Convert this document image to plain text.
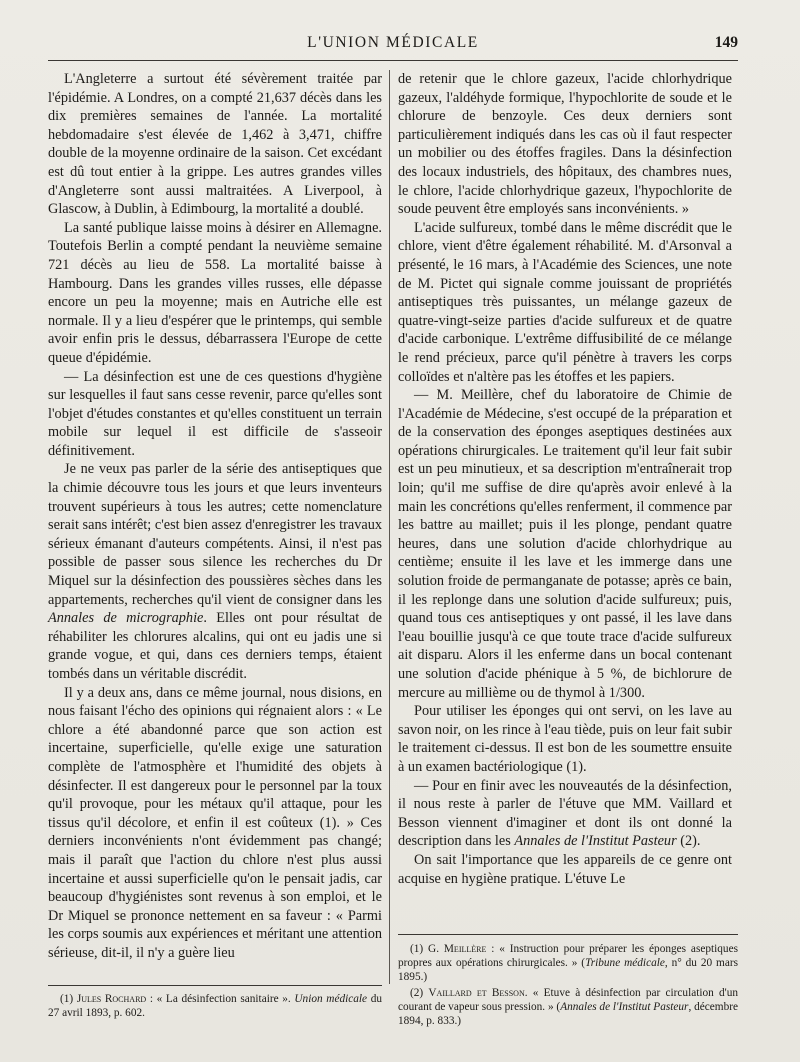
L'UNION MÉDICALE	149

L'Angleterre a surtout été sévèrement traitée par l'épidémie. A Londres, on a compté 21,637 décès dans les dix premières semaines de l'année. La mortalité hebdomadaire s'est élevée de 1,462 à 3,471, chiffre double de la moyenne ordinaire de la saison. Cet excédant est dû tout entier à la grippe. Les autres grandes villes d'Angleterre sont aussi maltraitées. A Liverpool, à Glascow, à Dublin, à Edimbourg, la mortalité a doublé.

La santé publique laisse moins à désirer en Allemagne. Toutefois Berlin a compté pendant la neuvième semaine 721 décès au lieu de 558. La mortalité baisse à Hambourg. Dans les grandes villes russes, elle dépasse encore un peu la moyenne; mais en Autriche elle est normale. Il y a lieu d'espérer que le printemps, qui semble avoir enfin pris le dessus, débarrassera l'Europe de cette queue d'épidémie.

— La désinfection est une de ces questions d'hygiène sur lesquelles il faut sans cesse revenir, parce qu'elles sont l'objet d'études constantes et qu'elles constituent un terrain mobile sur lequel il est difficile de s'asseoir définitivement.

Je ne veux pas parler de la série des antiseptiques que la chimie découvre tous les jours et que leurs inventeurs trouvent supérieurs à tous les autres; cette nomenclature serait sans intérêt; c'est bien assez d'enregistrer les travaux sérieux émanant d'auteurs compétents. Ainsi, il n'est pas possible de passer sous silence les recherches du Dr Miquel sur la désinfection des poussières sèches dans les appartements, recherches qu'il vient de consigner dans les Annales de micrographie. Elles ont pour résultat de réhabiliter les chlorures alcalins, qui ont eu jadis une si grande vogue, et qui, dans ces derniers temps, étaient tombés dans un véritable discrédit.

Il y a deux ans, dans ce même journal, nous disions, en nous faisant l'écho des opinions qui régnaient alors : « Le chlore a été abandonné parce que son action est incertaine, superficielle, qu'elle exige une saturation complète de l'atmosphère et l'humidité des objets à désinfecter. Il est dangereux pour le personnel par la toux qu'il provoque, pour les métaux qu'il attaque, pour les tissus qu'il décolore, et enfin il est coûteux (1). » Ces derniers inconvénients n'ont évidemment pas changé; mais il paraît que l'action du chlore n'est plus aussi incertaine et aussi superficielle qu'on le pensait jadis, car beaucoup d'hygiénistes sont revenus à son emploi, et le Dr Miquel se prononce nettement en sa faveur : « Parmi les corps soumis aux expériences et méritant une attention sérieuse, dit-il, il n'y a guère lieu

de retenir que le chlore gazeux, l'acide chlorhydrique gazeux, l'aldéhyde formique, l'hypochlorite de soude et le chlorure de benzoyle. Ces deux derniers sont particulièrement indiqués dans les cas où il faut respecter un mobilier ou des étoffes fragiles. Dans la désinfection des locaux industriels, des hôpitaux, des chambres nues, le chlore, l'acide chlorhydrique gazeux, l'hypochlorite de soude peuvent être employés sans inconvénients. »

L'acide sulfureux, tombé dans le même discrédit que le chlore, vient d'être également réhabilité. M. d'Arsonval a présenté, le 16 mars, à l'Académie des Sciences, une note de M. Pictet qui signale comme jouissant de propriétés antiseptiques très puissantes, un mélange gazeux de quatre-vingt-seize parties d'acide sulfureux et de quatre d'acide carbonique. L'extrême diffusibilité de ce mélange le rend précieux, parce qu'il pénètre à travers les corps colloïdes et n'altère pas les étoffes et les papiers.

— M. Meillère, chef du laboratoire de Chimie de l'Académie de Médecine, s'est occupé de la préparation et de la conservation des éponges aseptiques destinées aux opérations chirurgicales. Le traitement qu'il leur fait subir est un peu minutieux, et sa description m'entraînerait trop loin; qu'il me suffise de dire qu'après avoir enlevé à la main les concrétions qu'elles renferment, il commence par les battre au maillet; puis il les plonge, pendant quatre heures, dans une solution d'acide chlorhydrique au centième; ensuite il les lave et les immerge dans une solution froide de permanganate de potasse; après ce bain, il les replonge dans une solution d'acide sulfureux; puis, quand tous ces antiseptiques y ont passé, il les lave dans l'eau bouillie jusqu'à ce que toute trace d'acide sulfureux ait disparu. Alors il les enferme dans un bocal contenant une solution d'acide phénique à 5 %, de bichlorure de mercure au millième ou de thymol à 1/300.

Pour utiliser les éponges qui ont servi, on les lave au savon noir, on les rince à l'eau tiède, puis on leur fait subir le traitement ci-dessus. Il est bon de les soumettre ensuite à un examen bactériologique (1).

— Pour en finir avec les nouveautés de la désinfection, il nous reste à parler de l'étuve que MM. Vaillard et Besson viennent d'imaginer et dont ils ont donné la description dans les Annales de l'Institut Pasteur (2).

On sait l'importance que les appareils de ce genre ont acquise en hygiène pratique. L'étuve Le

(1) Jules Rochard : « La désinfection sanitaire ». Union médicale du 27 avril 1893, p. 602.

(1) G. Meillère : « Instruction pour préparer les éponges aseptiques propres aux opérations chirurgicales. » (Tribune médicale, n° du 20 mars 1895.)

(2) Vaillard et Besson. « Etuve à désinfection par circulation d'un courant de vapeur sous pression. » (Annales de l'Institut Pasteur, décembre 1894, p. 833.)
